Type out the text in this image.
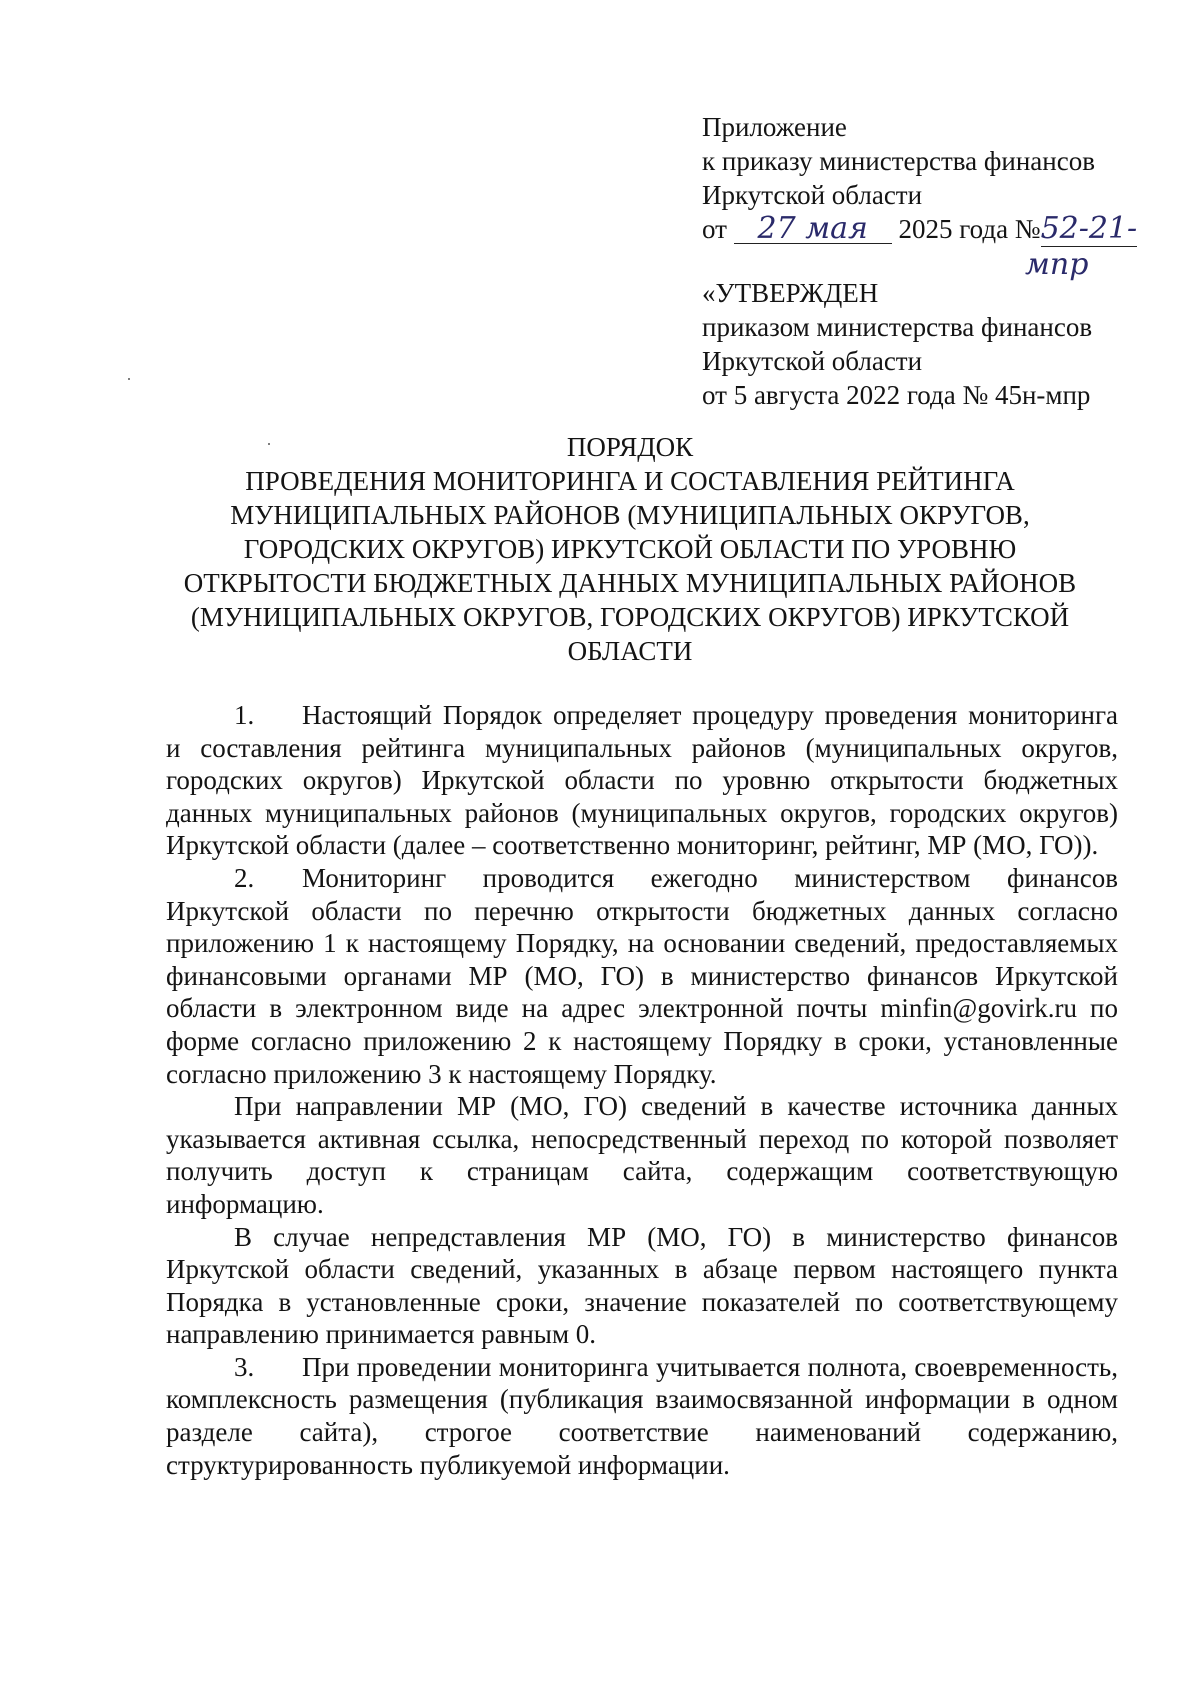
Приложение
к приказу министерства финансов
Иркутской области
от 27 мая 2025 года №52-21-
мпр
«УТВЕРЖДЕН
приказом министерства финансов
Иркутской области
от 5 августа 2022 года № 45н-мпр
ПОРЯДОК
ПРОВЕДЕНИЯ МОНИТОРИНГА И СОСТАВЛЕНИЯ РЕЙТИНГА
МУНИЦИПАЛЬНЫХ РАЙОНОВ (МУНИЦИПАЛЬНЫХ ОКРУГОВ,
ГОРОДСКИХ ОКРУГОВ) ИРКУТСКОЙ ОБЛАСТИ ПО УРОВНЮ
ОТКРЫТОСТИ БЮДЖЕТНЫХ ДАННЫХ МУНИЦИПАЛЬНЫХ РАЙОНОВ
(МУНИЦИПАЛЬНЫХ ОКРУГОВ, ГОРОДСКИХ ОКРУГОВ) ИРКУТСКОЙ
ОБЛАСТИ

1. Настоящий Порядок определяет процедуру проведения мониторинга и составления рейтинга муниципальных районов (муниципальных округов, городских округов) Иркутской области по уровню открытости бюджетных данных муниципальных районов (муниципальных округов, городских округов) Иркутской области (далее – соответственно мониторинг, рейтинг, МР (МО, ГО)).

2. Мониторинг проводится ежегодно министерством финансов Иркутской области по перечню открытости бюджетных данных согласно приложению 1 к настоящему Порядку, на основании сведений, предоставляемых финансовыми органами МР (МО, ГО) в министерство финансов Иркутской области в электронном виде на адрес электронной почты minfin@govirk.ru по форме согласно приложению 2 к настоящему Порядку в сроки, установленные согласно приложению 3 к настоящему Порядку.

При направлении МР (МО, ГО) сведений в качестве источника данных указывается активная ссылка, непосредственный переход по которой позволяет получить доступ к страницам сайта, содержащим соответствующую информацию.

В случае непредставления МР (МО, ГО) в министерство финансов Иркутской области сведений, указанных в абзаце первом настоящего пункта Порядка в установленные сроки, значение показателей по соответствующему направлению принимается равным 0.

3. При проведении мониторинга учитывается полнота, своевременность, комплексность размещения (публикация взаимосвязанной информации в одном разделе сайта), строгое соответствие наименований содержанию, структурированность публикуемой информации.
